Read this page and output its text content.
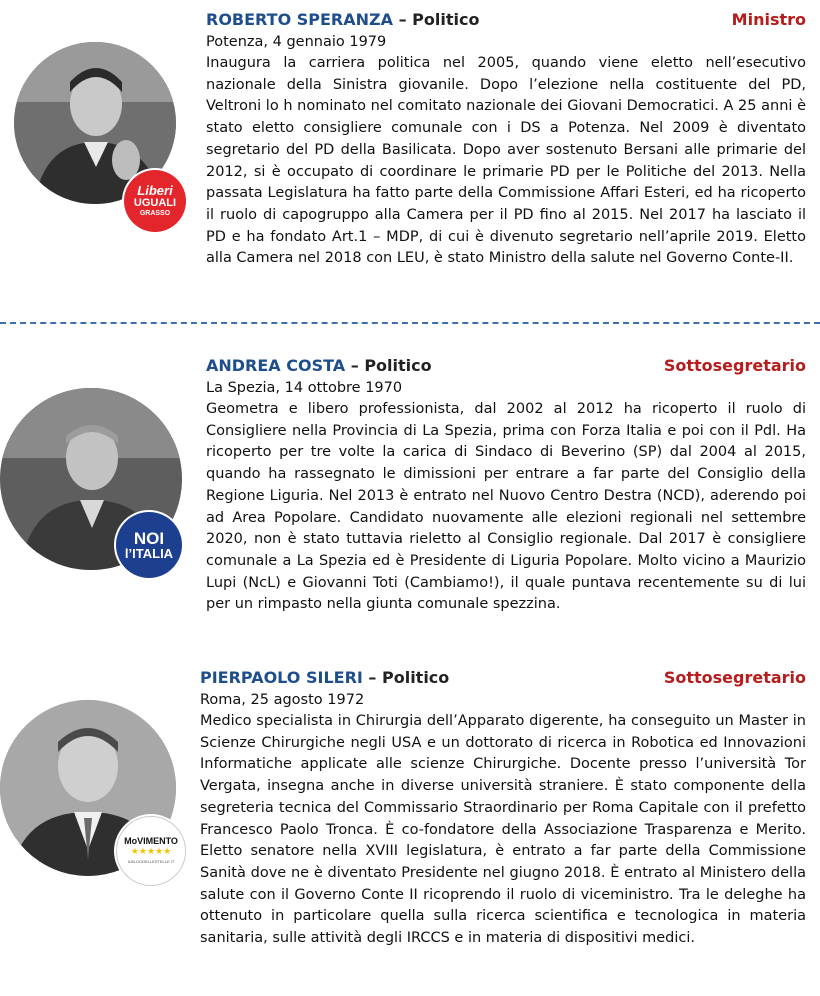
Liberi
UGUALI
GRASSO
ROBERTO SPERANZA – Politico	Ministro
Potenza, 4 gennaio 1979
Inaugura la carriera politica nel 2005, quando viene eletto nell’esecutivo nazionale della Sinistra giovanile. Dopo l’elezione nella costituente del PD, Veltroni lo h nominato nel comitato nazionale dei Giovani Democratici. A 25 anni è stato eletto consigliere comunale con i DS a Potenza. Nel 2009 è diventato segretario del PD della Basilicata. Dopo aver sostenuto Bersani alle primarie del 2012, si è occupato di coordinare le primarie PD per le Politiche del 2013. Nella passata Legislatura ha fatto parte della Commissione Affari Esteri, ed ha ricoperto il ruolo di capogruppo alla Camera per il PD fino al 2015. Nel 2017 ha lasciato il PD e ha fondato Art.1 – MDP, di cui è divenuto segretario nell’aprile 2019. Eletto alla Camera nel 2018 con LEU, è stato Ministro della salute nel Governo Conte-II.
NOI
l’ITALIA
ANDREA COSTA – Politico	Sottosegretario
La Spezia, 14 ottobre 1970
Geometra e libero professionista, dal 2002 al 2012 ha ricoperto il ruolo di Consigliere nella Provincia di La Spezia, prima con Forza Italia e poi con il Pdl. Ha ricoperto per tre volte la carica di Sindaco di Beverino (SP) dal 2004 al 2015, quando ha rassegnato le dimissioni per entrare a far parte del Consiglio della Regione Liguria. Nel 2013 è entrato nel Nuovo Centro Destra (NCD), aderendo poi ad Area Popolare. Candidato nuovamente alle elezioni regionali nel settembre 2020, non è stato tuttavia rieletto al Consiglio regionale. Dal 2017 è consigliere comunale a La Spezia ed è Presidente di Liguria Popolare. Molto vicino a Maurizio Lupi (NcL) e Giovanni Toti (Cambiamo!), il quale puntava recentemente su di lui per un rimpasto nella giunta comunale spezzina.
MoVIMENTO
★★★★★
ILBLOGDELLESTELLE.IT
PIERPAOLO SILERI – Politico	Sottosegretario
Roma, 25 agosto 1972
Medico specialista in Chirurgia dell’Apparato digerente, ha conseguito un Master in Scienze Chirurgiche negli USA e un dottorato di ricerca in Robotica ed Innovazioni Informatiche applicate alle scienze Chirurgiche. Docente presso l’università Tor Vergata, insegna anche in diverse università straniere. È stato componente della segreteria tecnica del Commissario Straordinario per Roma Capitale con il prefetto Francesco Paolo Tronca. È co-fondatore della Associazione Trasparenza e Merito. Eletto senatore nella XVIII legislatura, è entrato a far parte della Commissione Sanità dove ne è diventato Presidente nel giugno 2018. È entrato al Ministero della salute con il Governo Conte II ricoprendo il ruolo di viceministro. Tra le deleghe ha ottenuto in particolare quella sulla ricerca scientifica e tecnologica in materia sanitaria, sulle attività degli IRCCS e in materia di dispositivi medici.
